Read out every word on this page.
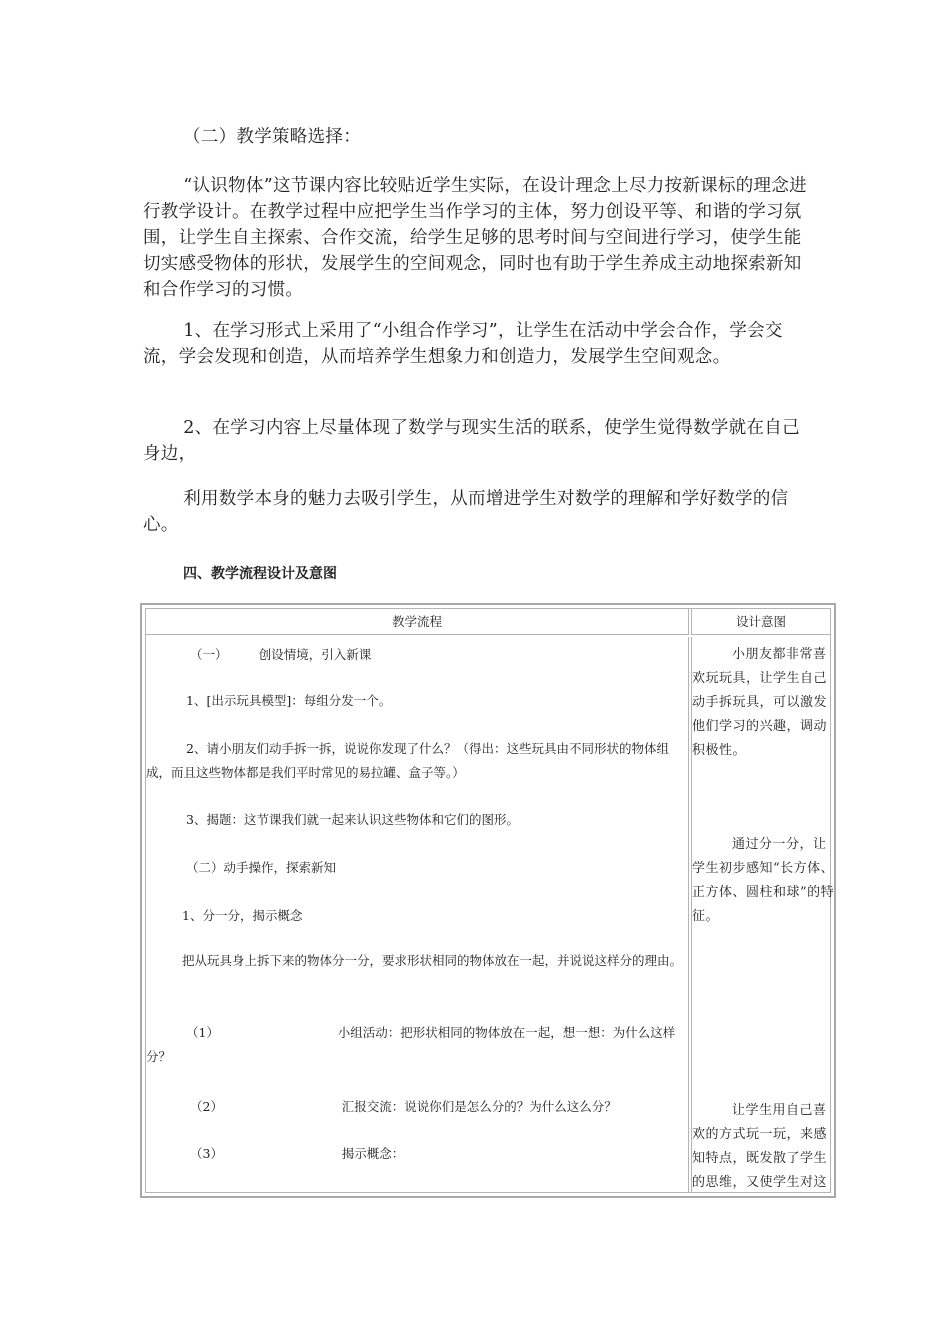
（二）教学策略选择：

“认识物体”这节课内容比较贴近学生实际，在设计理念上尽力按新课标的理念进行教学设计。在教学过程中应把学生当作学习的主体，努力创设平等、和谐的学习氛围，让学生自主探索、合作交流，给学生足够的思考时间与空间进行学习，使学生能切实感受物体的形状，发展学生的空间观念，同时也有助于学生养成主动地探索新知和合作学习的习惯。

1、在学习形式上采用了“小组合作学习”，让学生在活动中学会合作，学会交流，学会发现和创造，从而培养学生想象力和创造力，发展学生空间观念。

2、在学习内容上尽量体现了数学与现实生活的联系，使学生觉得数学就在自己身边，

利用数学本身的魅力去吸引学生，从而增进学生对数学的理解和学好数学的信心。

四、教学流程设计及意图
教学流程	设计意图

（一）　　　创设情境，引入新课

1、[出示玩具模型]：每组分发一个。

2、请小朋友们动手拆一拆，说说你发现了什么？（得出：这些玩具由不同形状的物体组成，而且这些物体都是我们平时常见的易拉罐、盒子等。）

3、揭题：这节课我们就一起来认识这些物体和它们的图形。

（二）动手操作，探索新知

1、分一分，揭示概念

把从玩具身上拆下来的物体分一分，要求形状相同的物体放在一起，并说说这样分的理由。

（1）　　　　　　　　　　小组活动：把形状相同的物体放在一起，想一想：为什么这样分？

（2）　　　　　　　　　　汇报交流：说说你们是怎么分的？为什么这么分？

（3）　　　　　　　　　　揭示概念：

小朋友都非常喜欢玩玩具，让学生自己动手拆玩具，可以激发他们学习的兴趣，调动积极性。

通过分一分，让学生初步感知“长方体、正方体、圆柱和球”的特征。

让学生用自己喜欢的方式玩一玩，来感知特点，既发散了学生的思维，又使学生对这
